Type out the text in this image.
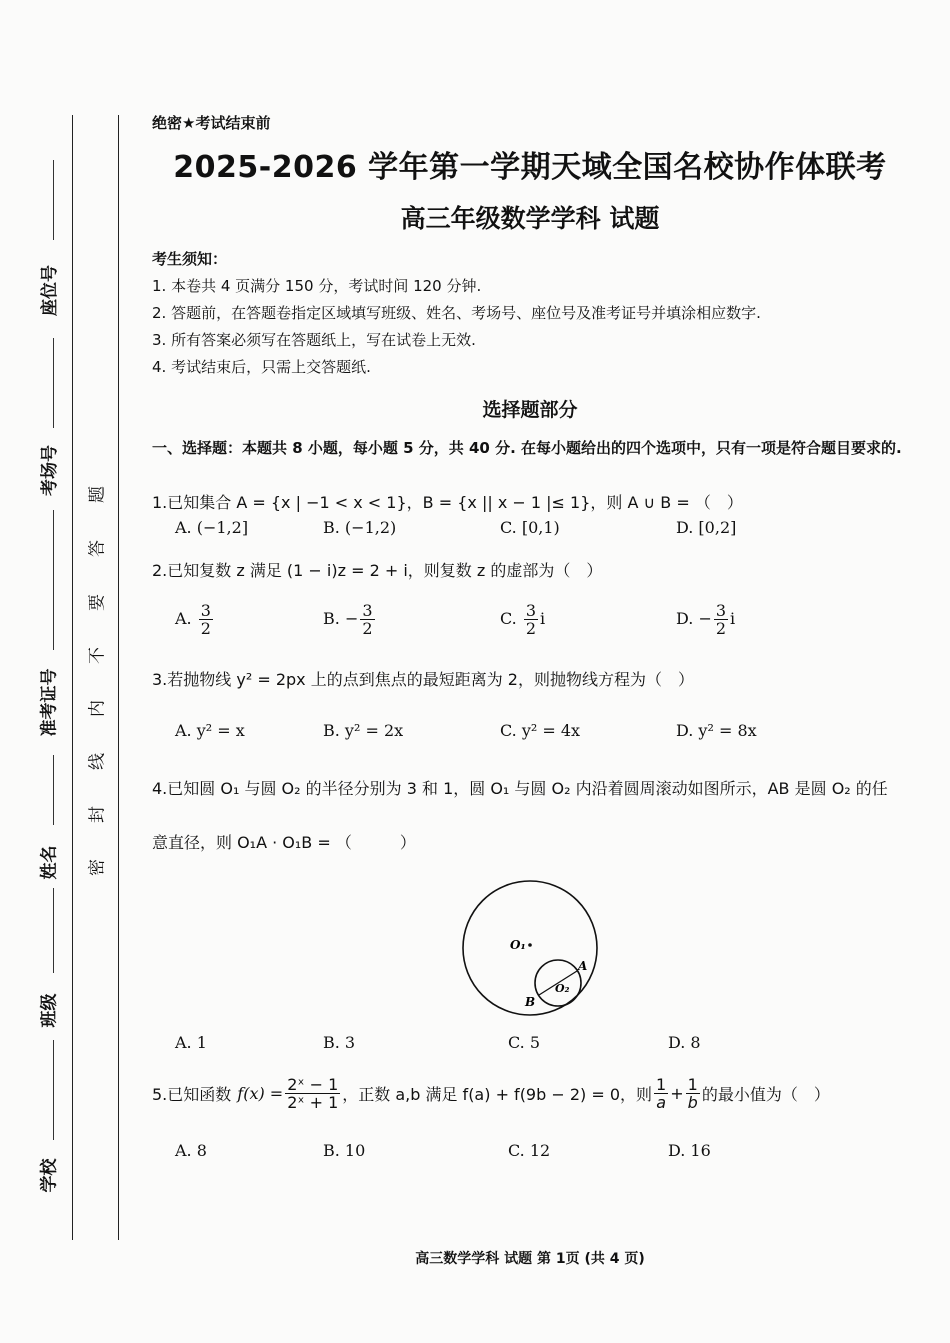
座位号
考场号
准考证号
姓名
班级
学校
题
答
要
不
内
线
封
密
绝密★考试结束前
2025-2026 学年第一学期天域全国名校协作体联考
高三年级数学学科 试题
考生须知：
1. 本卷共 4 页满分 150 分，考试时间 120 分钟.
2. 答题前，在答题卷指定区域填写班级、姓名、考场号、座位号及准考证号并填涂相应数字.
3. 所有答案必须写在答题纸上，写在试卷上无效.
4. 考试结束后，只需上交答题纸.
选择题部分
一、选择题：本题共 8 小题，每小题 5 分，共 40 分. 在每小题给出的四个选项中，只有一项是符合题目要求的.
1.已知集合 A = {x | −1 < x < 1}，B = {x || x − 1 |≤ 1}，则 A ∪ B = （　）
A. (−1,2]	B. (−1,2)	C. [0,1)	D. [0,2]
2.已知复数 z 满足 (1 − i)z = 2 + i，则复数 z 的虚部为（　）
A. $\frac{3}{2}$	B. − $\frac{3}{2}$	C. $\frac{3}{2}$ i	D. − $\frac{3}{2}$ i
3.若抛物线 y² = 2px 上的点到焦点的最短距离为 2，则抛物线方程为（　）
A. y² = x	B. y² = 2x	C. y² = 4x	D. y² = 8x
4.已知圆 O₁ 与圆 O₂ 的半径分别为 3 和 1，圆 O₁ 与圆 O₂ 内沿着圆周滚动如图所示，AB 是圆 O₂ 的任
意直径，则 O₁A · O₁B = （　　　）
O₁
O₂
A
B
A. 1	B. 3	C. 5	D. 8
5.已知函数 $f(x) = \frac{\text{2ˣ − 1}}{\text{2ˣ + 1}}$ ，正数 a,b 满足 f(a) + f(9b − 2) = 0，则 $\frac{1}{a} + \frac{1}{b}$ 的最小值为（　）
A. 8	B. 10	C. 12	D. 16
高三数学学科 试题 第 1页 (共 4 页)
